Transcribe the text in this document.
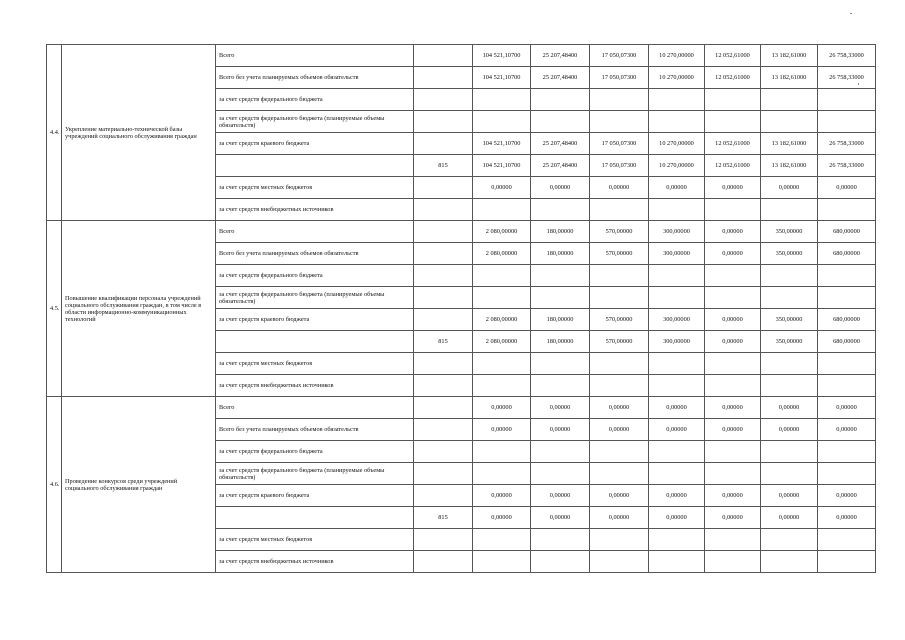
4.4.	Укрепление материально-технической базы учреждений социального обслуживания граждан	Всего		104 521,10700	25 207,48400	17 050,07300	10 270,00000	12 052,61000	13 182,61000	26 758,33000
		Всего без учета планируемых объемов обязательств		104 521,10700	25 207,48400	17 050,07300	10 270,00000	12 052,61000	13 182,61000	26 758,33000
		за счет средств федерального бюджета								
		за счет средств федерального бюджета (планируемые объемы обязательств)								
		за счет средств краевого бюджета		104 521,10700	25 207,48400	17 050,07300	10 270,00000	12 052,61000	13 182,61000	26 758,33000
			815	104 521,10700	25 207,48400	17 050,07300	10 270,00000	12 052,61000	13 182,61000	26 758,33000
		за счет средств местных бюджетов		0,00000	0,00000	0,00000	0,00000	0,00000	0,00000	0,00000
		за счет средств внебюджетных источников								
4.5.	Повышение квалификации персонала учреждений социального обслуживания граждан, в том числе в области информационно-коммуникационных технологий	Всего		2 080,00000	180,00000	570,00000	300,00000	0,00000	350,00000	680,00000
		Всего без учета планируемых объемов обязательств		2 080,00000	180,00000	570,00000	300,00000	0,00000	350,00000	680,00000
		за счет средств федерального бюджета								
		за счет средств федерального бюджета (планируемые объемы обязательств)								
		за счет средств краевого бюджета		2 080,00000	180,00000	570,00000	300,00000	0,00000	350,00000	680,00000
			815	2 080,00000	180,00000	570,00000	300,00000	0,00000	350,00000	680,00000
		за счет средств местных бюджетов								
		за счет средств внебюджетных источников								
4.6.	Проведение конкурсов среди учреждений социального обслуживания граждан	Всего		0,00000	0,00000	0,00000	0,00000	0,00000	0,00000	0,00000
		Всего без учета планируемых объемов обязательств		0,00000	0,00000	0,00000	0,00000	0,00000	0,00000	0,00000
		за счет средств федерального бюджета								
		за счет средств федерального бюджета (планируемые объемы обязательств)								
		за счет средств краевого бюджета		0,00000	0,00000	0,00000	0,00000	0,00000	0,00000	0,00000
			815	0,00000	0,00000	0,00000	0,00000	0,00000	0,00000	0,00000
		за счет средств местных бюджетов								
		за счет средств внебюджетных источников								
